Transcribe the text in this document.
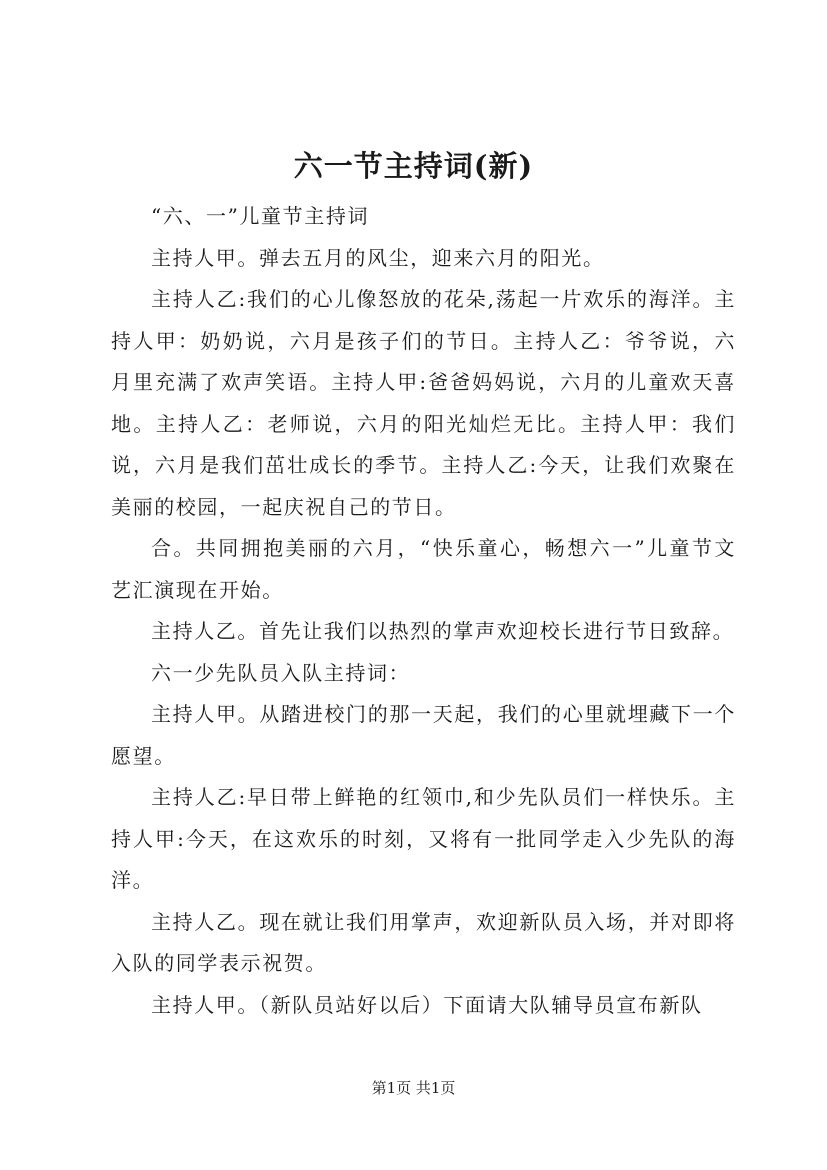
六一节主持词(新)

“六、一”儿童节主持词

主持人甲。弹去五月的风尘，迎来六月的阳光。

主持人乙:我们的心儿像怒放的花朵,荡起一片欢乐的海洋。主持人甲：奶奶说，六月是孩子们的节日。主持人乙：爷爷说，六月里充满了欢声笑语。主持人甲:爸爸妈妈说，六月的儿童欢天喜地。主持人乙：老师说，六月的阳光灿烂无比。主持人甲：我们说，六月是我们茁壮成长的季节。主持人乙:今天，让我们欢聚在美丽的校园，一起庆祝自己的节日。

合。共同拥抱美丽的六月，“快乐童心，畅想六一”儿童节文艺汇演现在开始。

主持人乙。首先让我们以热烈的掌声欢迎校长进行节日致辞。

六一少先队员入队主持词：

主持人甲。从踏进校门的那一天起，我们的心里就埋藏下一个愿望。

主持人乙:早日带上鲜艳的红领巾,和少先队员们一样快乐。主持人甲:今天，在这欢乐的时刻，又将有一批同学走入少先队的海洋。

主持人乙。现在就让我们用掌声，欢迎新队员入场，并对即将入队的同学表示祝贺。

主持人甲。（新队员站好以后）下面请大队辅导员宣布新队

第1页 共1页
